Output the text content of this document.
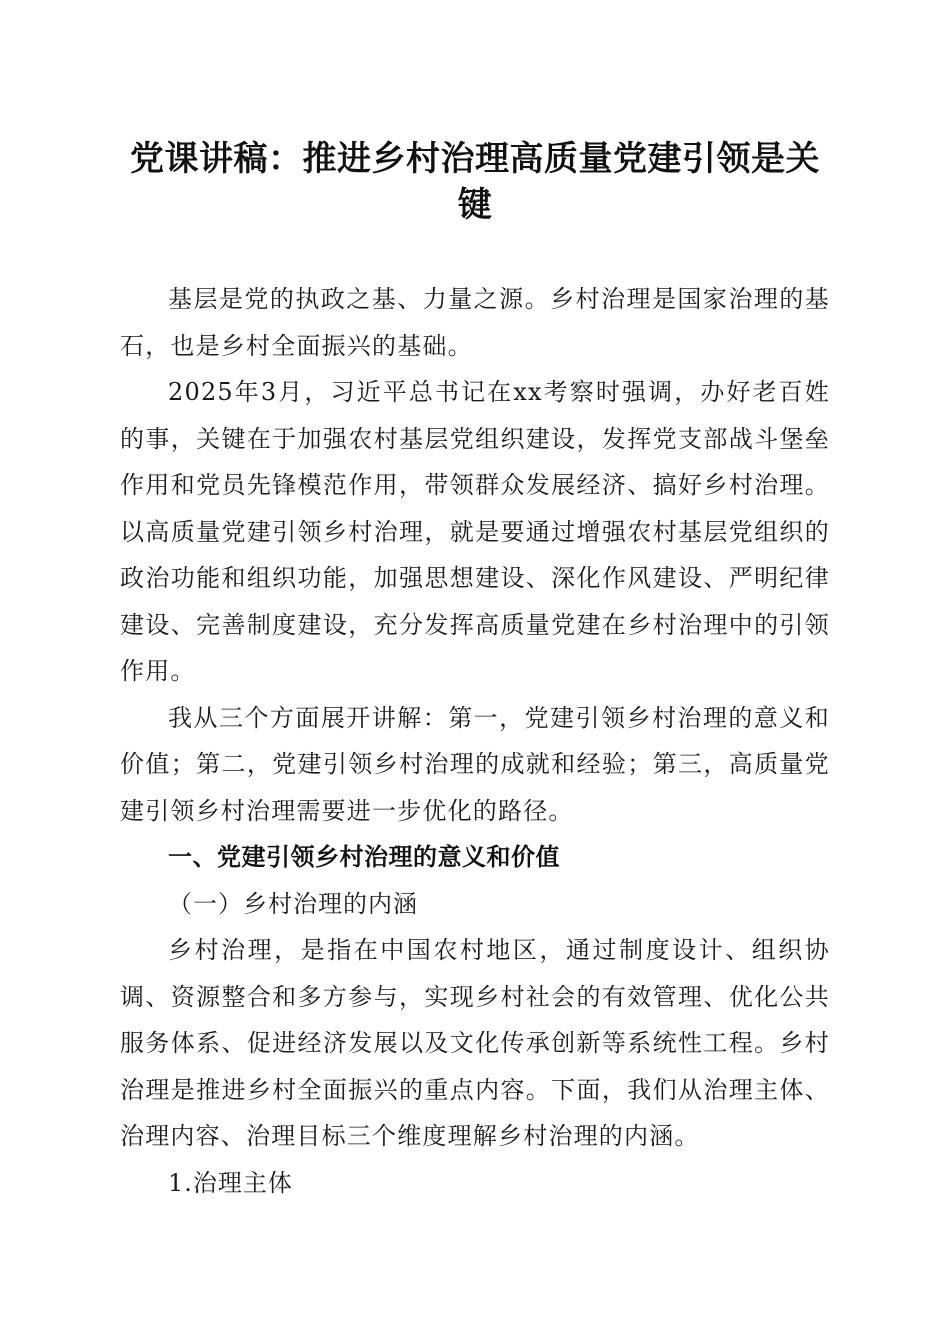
党课讲稿：推进乡村治理高质量党建引领是关键

基层是党的执政之基、力量之源。乡村治理是国家治理的基石，也是乡村全面振兴的基础。

2025年3月，习近平总书记在xx考察时强调，办好老百姓的事，关键在于加强农村基层党组织建设，发挥党支部战斗堡垒作用和党员先锋模范作用，带领群众发展经济、搞好乡村治理。以高质量党建引领乡村治理，就是要通过增强农村基层党组织的政治功能和组织功能，加强思想建设、深化作风建设、严明纪律建设、完善制度建设，充分发挥高质量党建在乡村治理中的引领作用。

我从三个方面展开讲解：第一，党建引领乡村治理的意义和价值；第二，党建引领乡村治理的成就和经验；第三，高质量党建引领乡村治理需要进一步优化的路径。

一、党建引领乡村治理的意义和价值

（一）乡村治理的内涵

乡村治理，是指在中国农村地区，通过制度设计、组织协调、资源整合和多方参与，实现乡村社会的有效管理、优化公共服务体系、促进经济发展以及文化传承创新等系统性工程。乡村治理是推进乡村全面振兴的重点内容。下面，我们从治理主体、治理内容、治理目标三个维度理解乡村治理的内涵。

1.治理主体
